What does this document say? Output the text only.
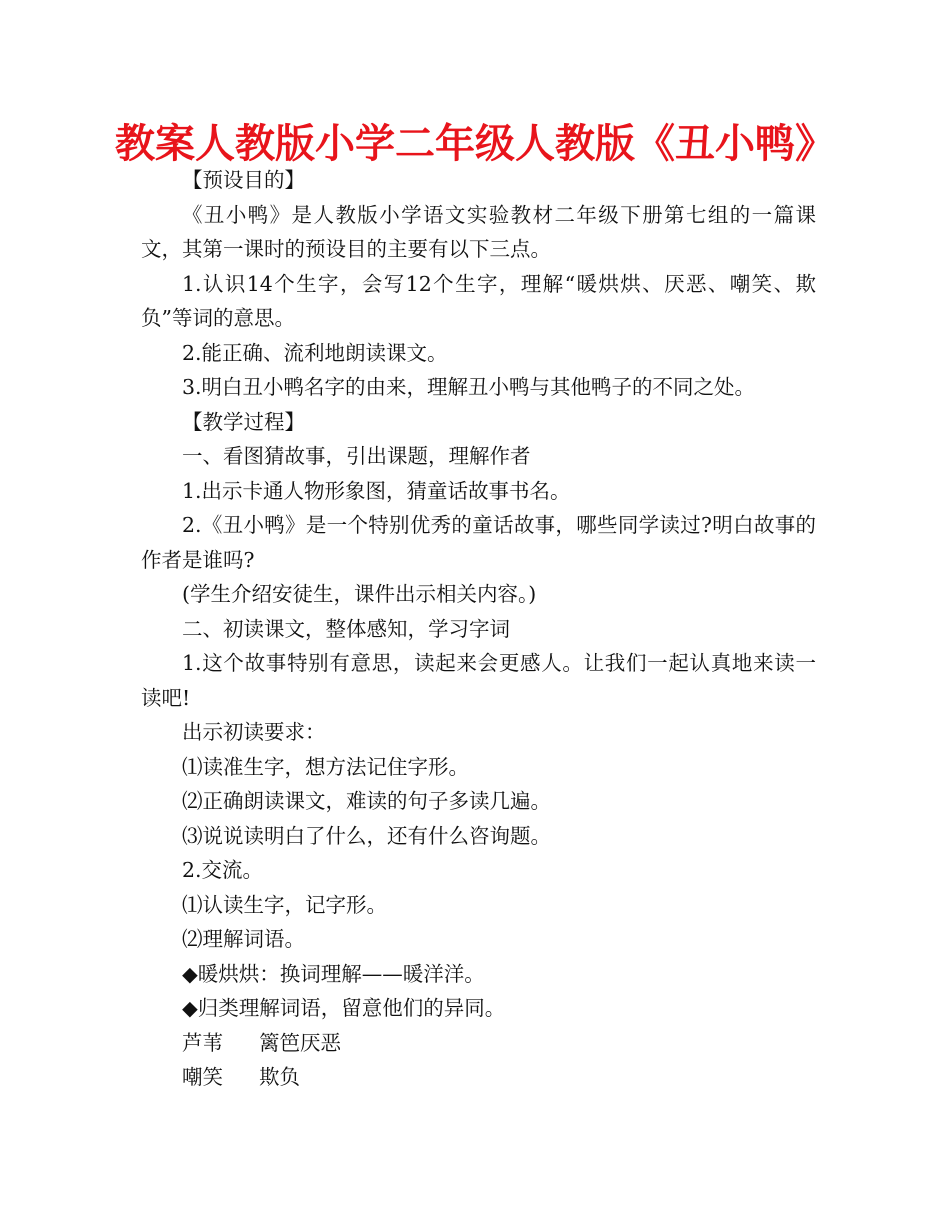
教案人教版小学二年级人教版《丑小鸭》

【预设目的】

《丑小鸭》是人教版小学语文实验教材二年级下册第七组的一篇课文，其第一课时的预设目的主要有以下三点。

1.认识14个生字，会写12个生字，理解“暖烘烘、厌恶、嘲笑、欺负”等词的意思。

2.能正确、流利地朗读课文。

3.明白丑小鸭名字的由来，理解丑小鸭与其他鸭子的不同之处。

【教学过程】

一、看图猜故事，引出课题，理解作者

1.出示卡通人物形象图，猜童话故事书名。

2.《丑小鸭》是一个特别优秀的童话故事，哪些同学读过?明白故事的作者是谁吗?

(学生介绍安徒生，课件出示相关内容。)

二、初读课文，整体感知，学习字词

1.这个故事特别有意思，读起来会更感人。让我们一起认真地来读一读吧!

出示初读要求：

⑴读准生字，想方法记住字形。

⑵正确朗读课文，难读的句子多读几遍。

⑶说说读明白了什么，还有什么咨询题。

2.交流。

⑴认读生字，记字形。

⑵理解词语。

◆暖烘烘：换词理解——暖洋洋。

◆归类理解词语，留意他们的异同。

芦苇 篱笆厌恶

嘲笑 欺负
